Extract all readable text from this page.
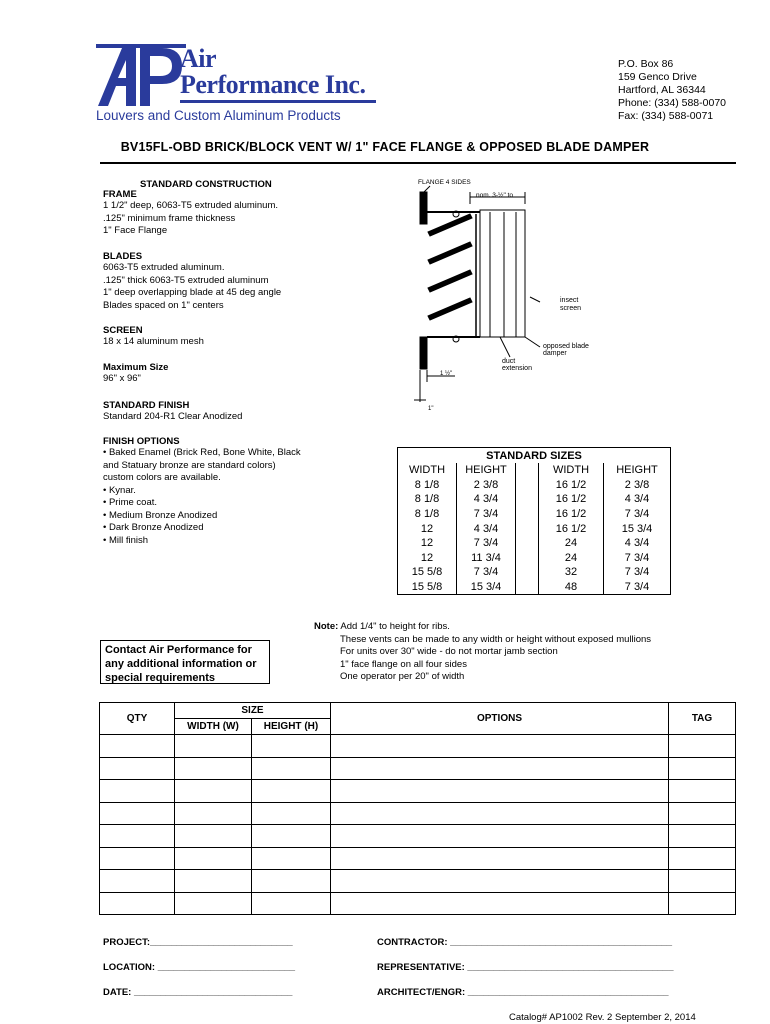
Air
Performance Inc.
Louvers and Custom Aluminum Products
P.O. Box 86
159 Genco Drive
Hartford, AL 36344
Phone: (334) 588-0070
Fax: (334) 588-0071
BV15FL-OBD BRICK/BLOCK VENT W/ 1" FACE FLANGE & OPPOSED BLADE DAMPER
STANDARD CONSTRUCTION
FRAME
1 1/2" deep, 6063-T5 extruded aluminum.
.125" minimum frame thickness
1" Face Flange
BLADES
6063-T5 extruded aluminum.
.125" thick 6063-T5 extruded aluminum
1" deep overlapping blade at 45 deg angle
Blades spaced on 1" centers
SCREEN
18 x 14 aluminum mesh
Maximum Size
96" x 96"
STANDARD FINISH
Standard 204-R1 Clear Anodized
FINISH OPTIONS
• Baked Enamel (Brick Red, Bone White, Black
and Statuary bronze are standard colors)
custom colors are available.
• Kynar.
• Prime coat.
• Medium Bronze Anodized
• Dark Bronze Anodized
• Mill finish
FLANGE 4 SIDES
nom. 3-½" to
insect
screen
opposed blade
damper
duct
extension
1 ½"
1"
STANDARD SIZES				
WIDTH	HEIGHT		WIDTH	HEIGHT
8 1/8	2 3/8		16 1/2	2 3/8
8 1/8	4 3/4		16 1/2	4 3/4
8 1/8	7 3/4		16 1/2	7 3/4
12	4 3/4		16 1/2	15 3/4
12	7 3/4		24	4 3/4
12	11 3/4		24	7 3/4
15 5/8	7 3/4		32	7 3/4
15 5/8	15 3/4		48	7 3/4
Note: Add 1/4" to height for ribs.
These vents can be made to any width or height without exposed mullions
For units over 30" wide - do not mortar jamb section
1" face flange on all four sides
One operator per 20" of width
Contact Air Performance for
any additional information or
special requirements
QTY	SIZE		OPTIONS	TAG
	WIDTH (W)	HEIGHT (H)		

PROJECT:___________________________	CONTRACTOR: __________________________________________
LOCATION: __________________________	REPRESENTATIVE: _______________________________________
DATE: ______________________________	ARCHITECT/ENGR: ______________________________________
Catalog# AP1002 Rev. 2 September 2, 2014
